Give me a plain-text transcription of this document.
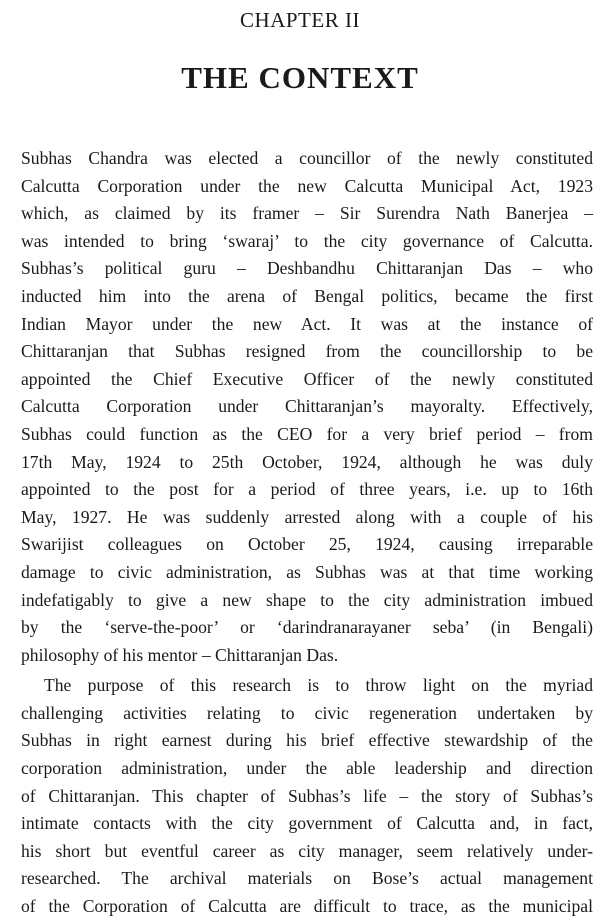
CHAPTER II
THE CONTEXT
Subhas Chandra was elected a councillor of the newly constituted
Calcutta Corporation under the new Calcutta Municipal Act, 1923
which, as claimed by its framer – Sir Surendra Nath Banerjea –
was intended to bring ‘swaraj’ to the city governance of Calcutta.
Subhas’s political guru – Deshbandhu Chittaranjan Das – who
inducted him into the arena of Bengal politics, became the first
Indian Mayor under the new Act. It was at the instance of
Chittaranjan that Subhas resigned from the councillorship to be
appointed the Chief Executive Officer of the newly constituted
Calcutta Corporation under Chittaranjan’s mayoralty. Effectively,
Subhas could function as the CEO for a very brief period – from
17th May, 1924 to 25th October, 1924, although he was duly
appointed to the post for a period of three years, i.e. up to 16th
May, 1927. He was suddenly arrested along with a couple of his
Swarijist colleagues on October 25, 1924, causing irreparable
damage to civic administration, as Subhas was at that time working
indefatigably to give a new shape to the city administration imbued
by the ‘serve-the-poor’ or ‘darindranarayaner seba’ (in Bengali)
philosophy of his mentor – Chittaranjan Das.
The purpose of this research is to throw light on the myriad
challenging activities relating to civic regeneration undertaken by
Subhas in right earnest during his brief effective stewardship of the
corporation administration, under the able leadership and direction
of Chittaranjan. This chapter of Subhas’s life – the story of Subhas’s
intimate contacts with the city government of Calcutta and, in fact,
his short but eventful career as city manager, seem relatively under-
researched. The archival materials on Bose’s actual management
of the Corporation of Calcutta are difficult to trace, as the municipal
